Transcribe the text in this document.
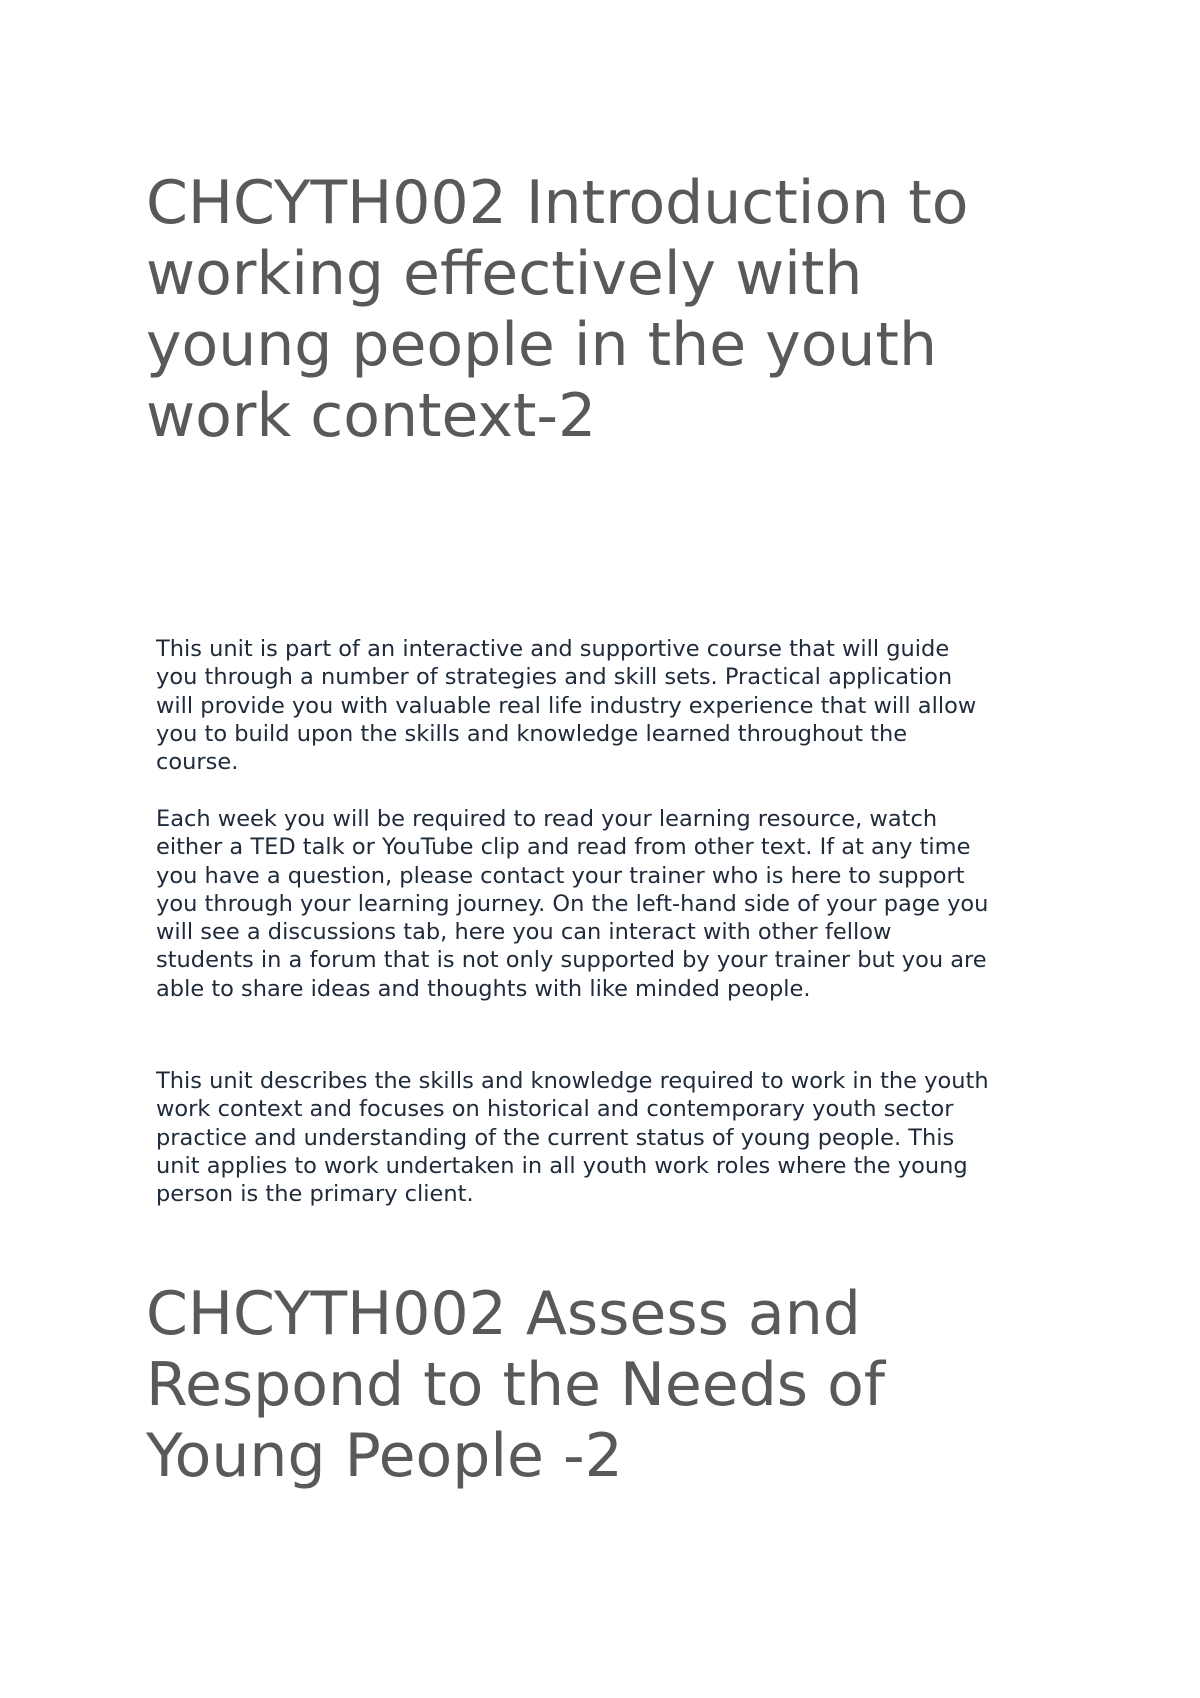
CHCYTH002 Introduction to
working effectively with
young people in the youth
work context-2

This unit is part of an interactive and supportive course that will guide
you through a number of strategies and skill sets. Practical application
will provide you with valuable real life industry experience that will allow
you to build upon the skills and knowledge learned throughout the
course.

Each week you will be required to read your learning resource, watch
either a TED talk or YouTube clip and read from other text. If at any time
you have a question, please contact your trainer who is here to support
you through your learning journey. On the left-hand side of your page you
will see a discussions tab, here you can interact with other fellow
students in a forum that is not only supported by your trainer but you are
able to share ideas and thoughts with like minded people.

This unit describes the skills and knowledge required to work in the youth
work context and focuses on historical and contemporary youth sector
practice and understanding of the current status of young people. This
unit applies to work undertaken in all youth work roles where the young
person is the primary client.

CHCYTH002 Assess and
Respond to the Needs of
Young People -2
